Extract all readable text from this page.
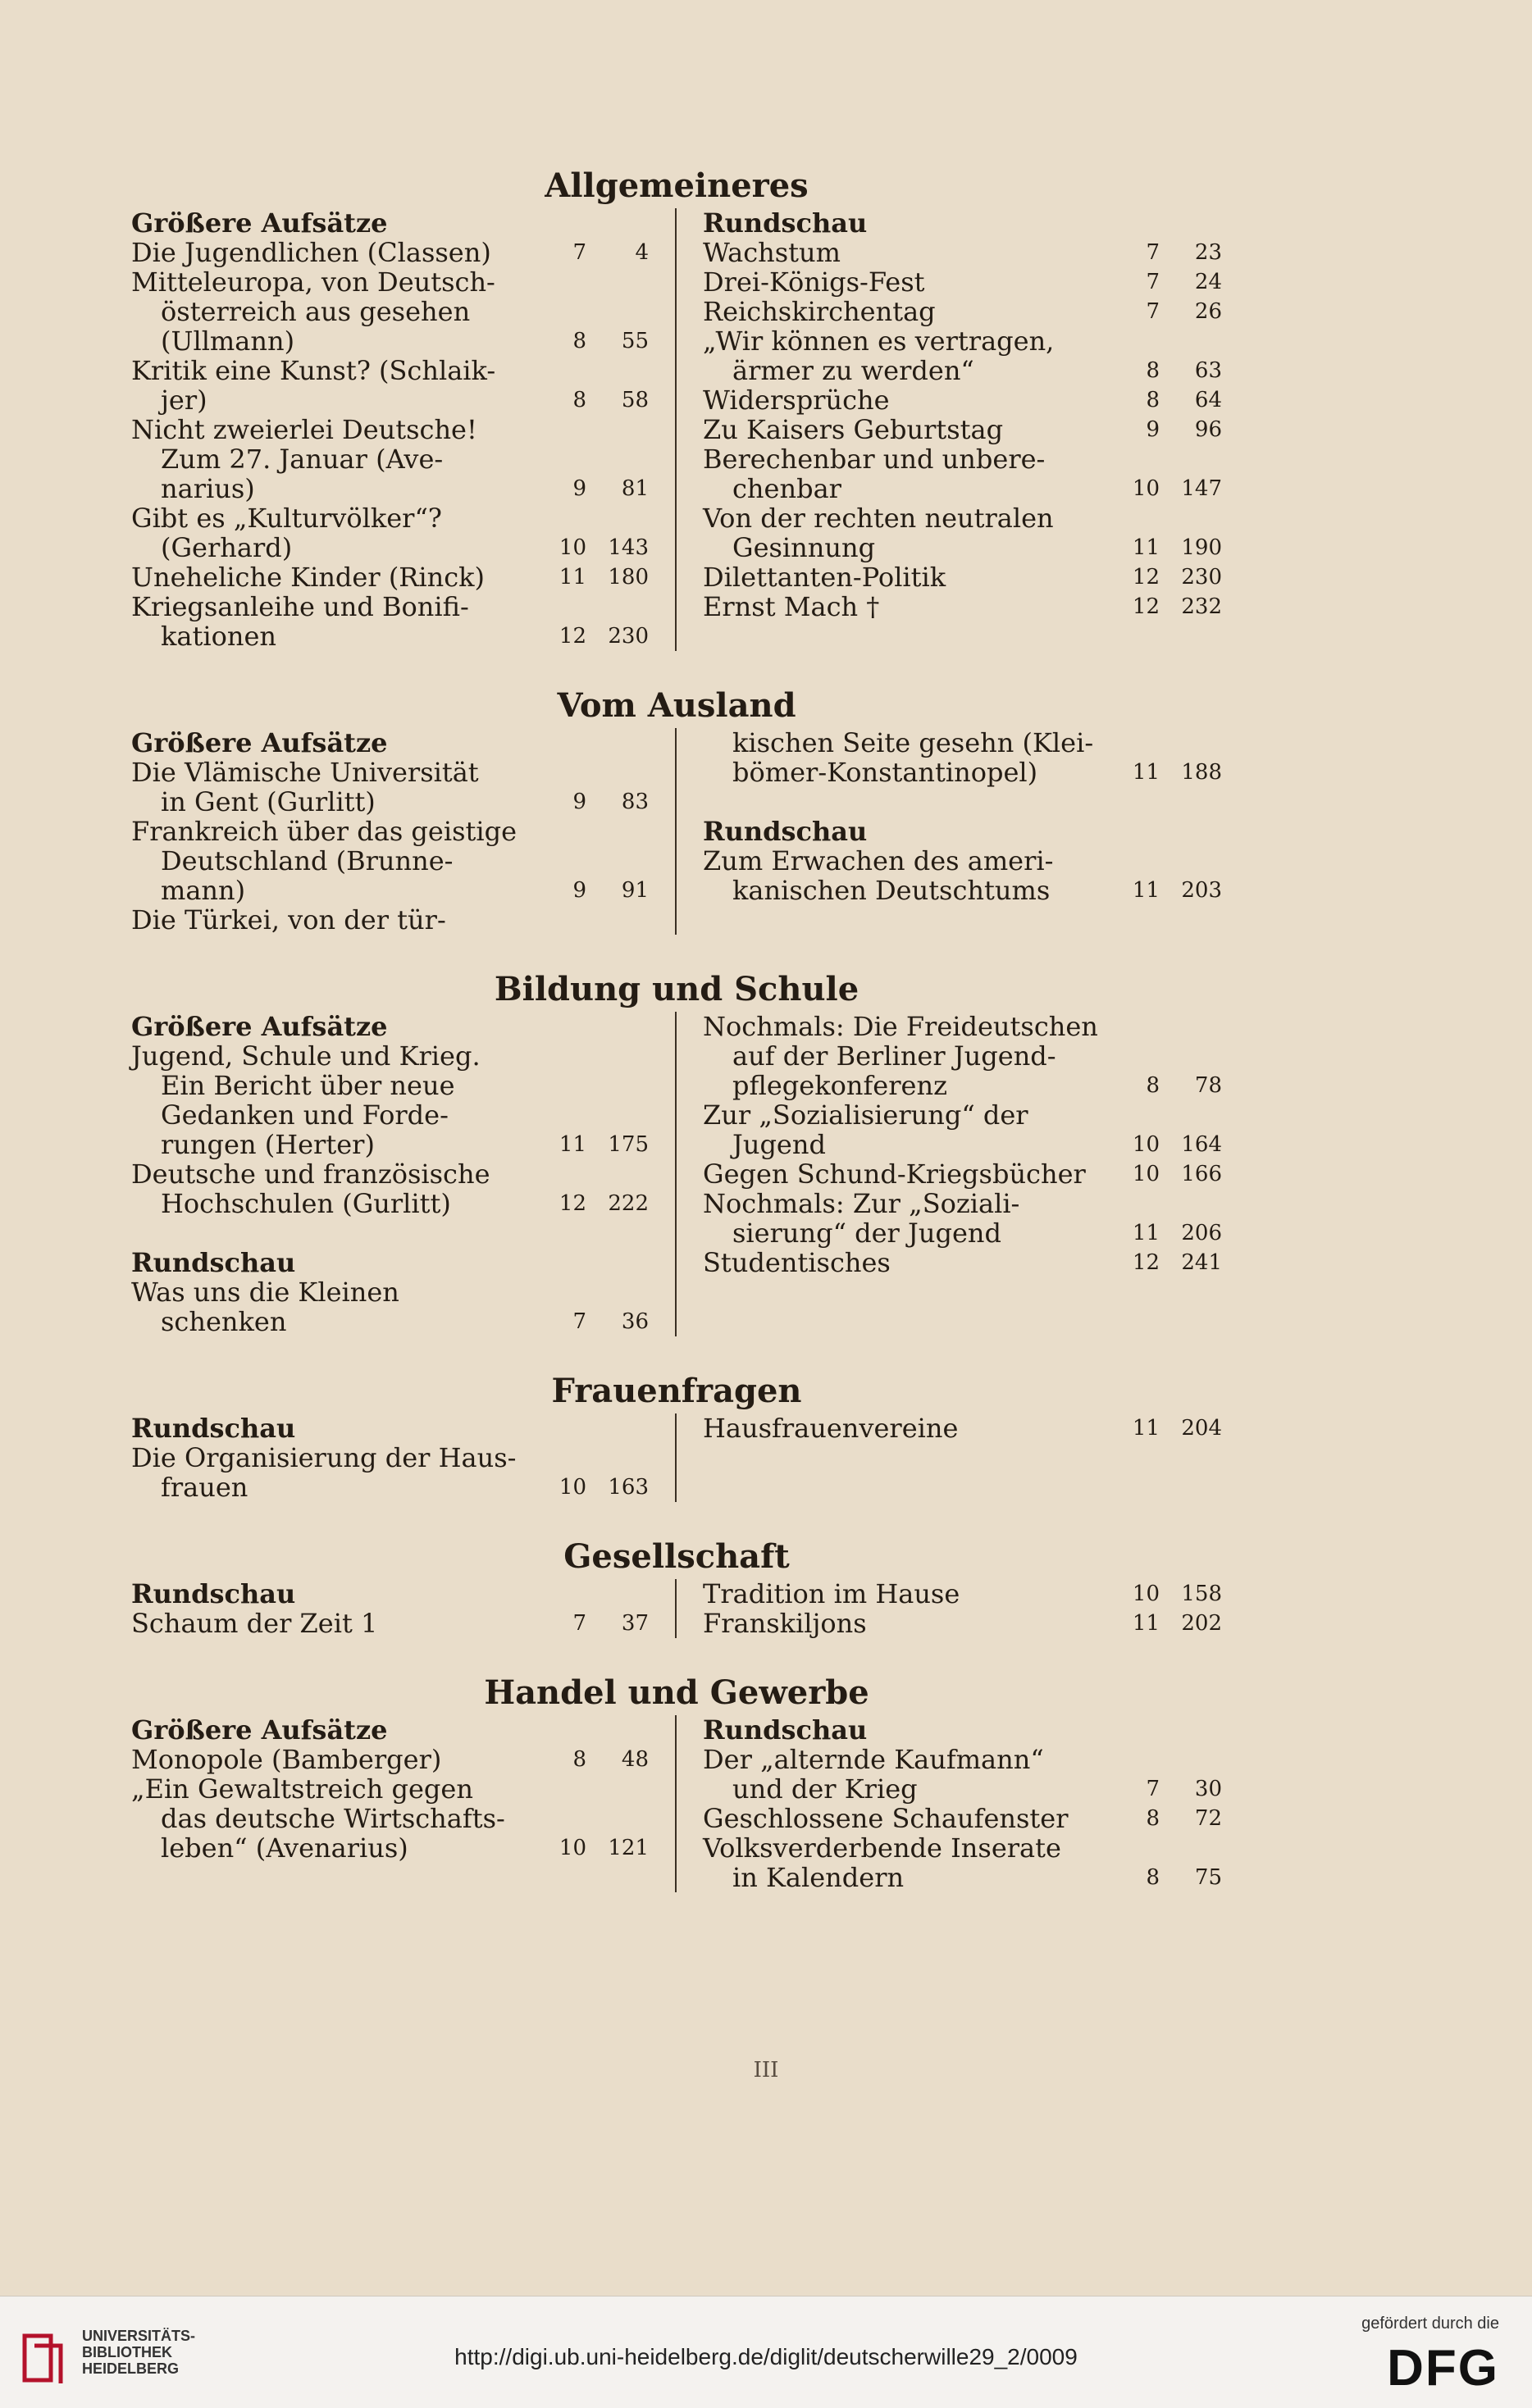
Allgemeineres

Größere Aufsätze

Die Jugendlichen (Classen)	7	4
Mitteleuropa, von Deutsch-
österreich aus gesehen
(Ullmann)	8	55
Kritik eine Kunst? (Schlaik-
jer)	8	58
Nicht zweierlei Deutsche!
Zum 27. Januar (Ave-
narius)	9	81
Gibt es „Kulturvölker“?
(Gerhard)	10	143
Uneheliche Kinder (Rinck)	11	180
Kriegsanleihe und Bonifi-
kationen	12	230

Rundschau

Wachstum	7	23
Drei-Königs-Fest	7	24
Reichskirchentag	7	26
„Wir können es vertragen,
ärmer zu werden“	8	63
Widersprüche	8	64
Zu Kaisers Geburtstag	9	96
Berechenbar und unbere-
chenbar	10	147
Von der rechten neutralen
Gesinnung	11	190
Dilettanten-Politik	12	230
Ernst Mach †	12	232
Vom Ausland

Größere Aufsätze

Die Vlämische Universität
in Gent (Gurlitt)	9	83
Frankreich über das geistige
Deutschland (Brunne-
mann)	9	91
Die Türkei, von der tür-
kischen Seite gesehn (Klei-
bömer-Konstantinopel)	11	188

Rundschau

Zum Erwachen des ameri-
kanischen Deutschtums	11	203
Bildung und Schule

Größere Aufsätze

Jugend, Schule und Krieg.
Ein Bericht über neue
Gedanken und Forde-
rungen (Herter)	11	175
Deutsche und französische
Hochschulen (Gurlitt)	12	222

Rundschau

Was uns die Kleinen
schenken	7	36
Nochmals: Die Freideutschen
auf der Berliner Jugend-
pflegekonferenz	8	78
Zur „Sozialisierung“ der
Jugend	10	164
Gegen Schund-Kriegsbücher	10	166
Nochmals: Zur „Soziali-
sierung“ der Jugend	11	206
Studentisches	12	241
Frauenfragen

Rundschau

Die Organisierung der Haus-
frauen	10	163
Hausfrauenvereine	11	204
Gesellschaft

Rundschau

Schaum der Zeit 1	7	37
Tradition im Hause	10	158
Franskiljons	11	202
Handel und Gewerbe

Größere Aufsätze

Monopole (Bamberger)	8	48
„Ein Gewaltstreich gegen
das deutsche Wirtschafts-
leben“ (Avenarius)	10	121

Rundschau

Der „alternde Kaufmann“
und der Krieg	7	30
Geschlossene Schaufenster	8	72
Volksverderbende Inserate
in Kalendern	8	75
III
UNIVERSITÄTS-
BIBLIOTHEK
HEIDELBERG	http://digi.ub.uni-heidelberg.de/diglit/deutscherwille29_2/0009
gefördert durch die
DFG
